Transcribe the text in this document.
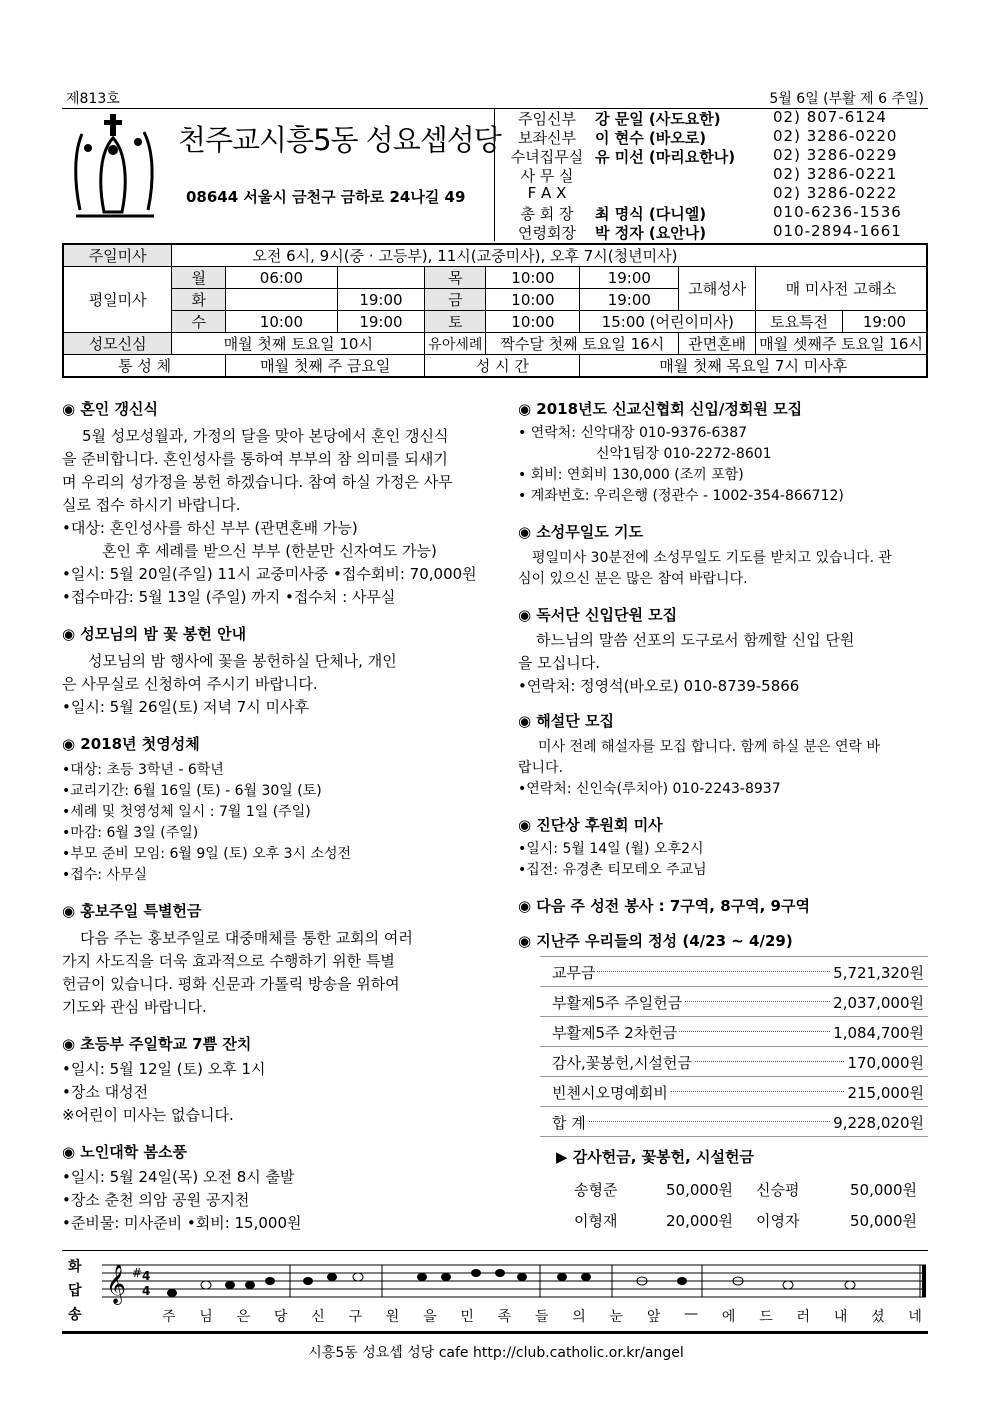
제813호	5월 6일 (부활 제 6 주일)
천주교시흥5동 성요셉성당
08644 서울시 금천구 금하로 24나길 49
주임신부	강 문일 (사도요한)	02) 807-6124
보좌신부	이 현수 (바오로)	02) 3286-0220
수녀집무실 유 미선 (마리요한나)	02) 3286-0229
사 무 실	02) 3286-0221
F A X	02) 3286-0222
총 회 장	최 명식 (다니엘)	010-6236-1536
연령회장	박 정자 (요안나)	010-2894-1661
주일미사	오전 6시, 9시(중 · 고등부), 11시(교중미사), 오후 7시(청년미사)								
평일미사	월	06:00		목	10:00	19:00	고해성사	매 미사전 고해소	
	화		19:00	금	10:00	19:00			
	수	10:00	19:00	토	10:00	15:00 (어린이미사)		토요특전	19:00
성모신심	매월 첫째 토요일 10시			유아세례	짝수달 첫째 토요일 16시		관면혼배	매월 셋째주 토요일 16시	
통 성 체		매월 첫째 주 금요일		성 시 간		매월 첫째 목요일 7시 미사후			
◉ 혼인 갱신식
5월 성모성월과, 가정의 달을 맞아 본당에서 혼인 갱신식
을 준비합니다. 혼인성사를 통하여 부부의 참 의미를 되새기
며 우리의 성가정을 봉헌 하겠습니다. 참여 하실 가정은 사무
실로 접수 하시기 바랍니다.
•대상: 혼인성사를 하신 부부 (관면혼배 가능)
혼인 후 세례를 받으신 부부 (한분만 신자여도 가능)
•일시: 5월 20일(주일) 11시 교중미사중 •접수회비: 70,000원
•접수마감: 5월 13일 (주일) 까지 •접수처 : 사무실
◉ 성모님의 밤 꽃 봉헌 안내
성모님의 밤 행사에 꽃을 봉헌하실 단체나, 개인
은 사무실로 신청하여 주시기 바랍니다.
•일시: 5월 26일(토) 저녁 7시 미사후
◉ 2018년 첫영성체
•대상: 초등 3학년 - 6학년
•교리기간: 6월 16일 (토) - 6월 30일 (토)
•세례 및 첫영성체 일시 : 7월 1일 (주일)
•마감: 6월 3일 (주일)
•부모 준비 모임: 6월 9일 (토) 오후 3시 소성전
•접수: 사무실
◉ 홍보주일 특별헌금
다음 주는 홍보주일로 대중매체를 통한 교회의 여러
가지 사도직을 더욱 효과적으로 수행하기 위한 특별
헌금이 있습니다. 평화 신문과 가톨릭 방송을 위하여
기도와 관심 바랍니다.
◉ 초등부 주일학교 7쁨 잔치
•일시: 5월 12일 (토) 오후 1시
•장소 대성전
※어린이 미사는 없습니다.
◉ 노인대학 봄소풍
•일시: 5월 24일(목) 오전 8시 출발
•장소 춘천 의암 공원 공지천
•준비물: 미사준비 •회비: 15,000원
◉ 2018년도 신교신협회 신입/정회원 모집
• 연락처: 신악대장 010-9376-6387
신악1팀장 010-2272-8601
• 회비: 연회비 130,000 (조끼 포함)
• 계좌번호: 우리은행 (정관수 - 1002-354-866712)
◉ 소성무일도 기도
평일미사 30분전에 소성무일도 기도를 받치고 있습니다. 관
심이 있으신 분은 많은 참여 바랍니다.
◉ 독서단 신입단원 모집
하느님의 말씀 선포의 도구로서 함께할 신입 단원
을 모십니다.
•연락처: 정영석(바오로) 010-8739-5866
◉ 해설단 모집
미사 전례 해설자를 모집 합니다. 함께 하실 분은 연락 바
랍니다.
•연락처: 신인숙(루치아) 010-2243-8937
◉ 진단상 후원회 미사
•일시: 5월 14일 (월) 오후2시
•집전: 유경촌 티모테오 주교님
◉ 다음 주 성전 봉사 : 7구역, 8구역, 9구역
◉ 지난주 우리들의 정성 (4/23 ~ 4/29)
교무금	5,721,320원
부활제5주 주일헌금	2,037,000원
부활제5주 2차헌금	1,084,700원
감사,꽃봉헌,시설헌금	170,000원
빈첸시오명예회비	215,000원
합 계	9,228,020원
▶ 감사헌금, 꽃봉헌, 시설헌금
송형준	50,000원 신승평	50,000원
이형재	20,000원 이영자	50,000원
화
답
송
𝄞 # 4
4
주 님 은 당 신 구 원 을 민 족 들 의 눈 앞 — 에 드 러 내 셨 네
시흥5동 성요셉 성당 cafe http://club.catholic.or.kr/angel
